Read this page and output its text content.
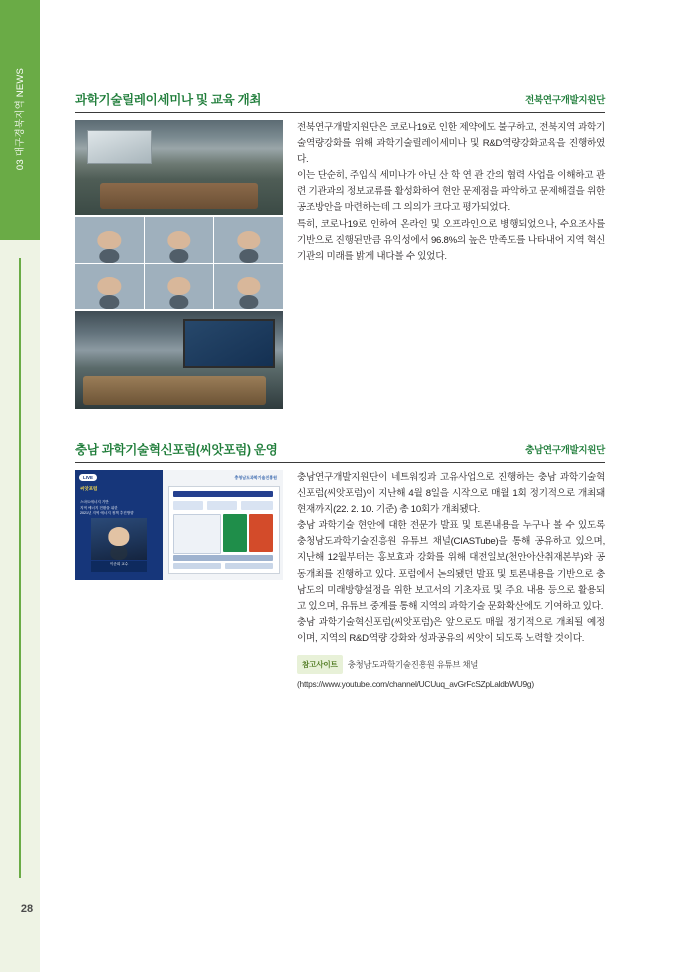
03 대구경북지역 NEWS
28
과학기술릴레이세미나 및 교육 개최	전북연구개발지원단

전북연구개발지원단은 코로나19로 인한 제약에도 불구하고, 전북지역 과학기술역량강화를 위해 과학기술릴레이세미나 및 R&D역량강화교육을 진행하였다.

이는 단순히, 주입식 세미나가 아닌 산 학 연 관 간의 협력 사업을 이해하고 관련 기관과의 정보교류를 활성화하여 현안 문제점을 파악하고 문제해결을 위한 공조방안을 마련하는데 그 의의가 크다고 평가되었다.

특히, 코로나19로 인하여 온라인 및 오프라인으로 병행되었으나, 수요조사를 기반으로 진행된만큼 유익성에서 96.8%의 높은 만족도를 나타내어 지역 혁신기관의 미래를 밝게 내다볼 수 있었다.

충남 과학기술혁신포럼(씨앗포럼) 운영	충남연구개발지원단
LIVE
씨앗포럼
스마트에너지 기반
지역 에너지 전환을 위한
2021년 지역 에너지 정책 추진방향
이준희 교수
충청남도과학기술진흥원 충남연구개발지원단이 네트워킹과 고유사업으로 진행하는 충남 과학기술혁신포럼(씨앗포럼)이 지난해 4월 8일을 시작으로 매월 1회 정기적으로 개최돼 현재까지(22. 2. 10. 기준) 총 10회가 개최됐다.

충남 과학기술 현안에 대한 전문가 발표 및 토론내용을 누구나 볼 수 있도록 충청남도과학기술진흥원 유튜브 채널(CIASTube)을 통해 공유하고 있으며, 지난해 12월부터는 홍보효과 강화를 위해 대전일보(천안아산취재본부)와 공동개최를 진행하고 있다. 포럼에서 논의됐던 발표 및 토론내용을 기반으로 충남도의 미래방향설정을 위한 보고서의 기초자료 및 주요 내용 등으로 활용되고 있으며, 유튜브 중계를 통해 지역의 과학기술 문화확산에도 기여하고 있다.

충남 과학기술혁신포럼(씨앗포럼)은 앞으로도 매월 정기적으로 개최될 예정이며, 지역의 R&D역량 강화와 성과공유의 씨앗이 되도록 노력할 것이다.

참고사이트 충청남도과학기술진흥원 유튜브 채널
(https://www.youtube.com/channel/UCUuq_avGrFcSZpLaldbWU9g)
